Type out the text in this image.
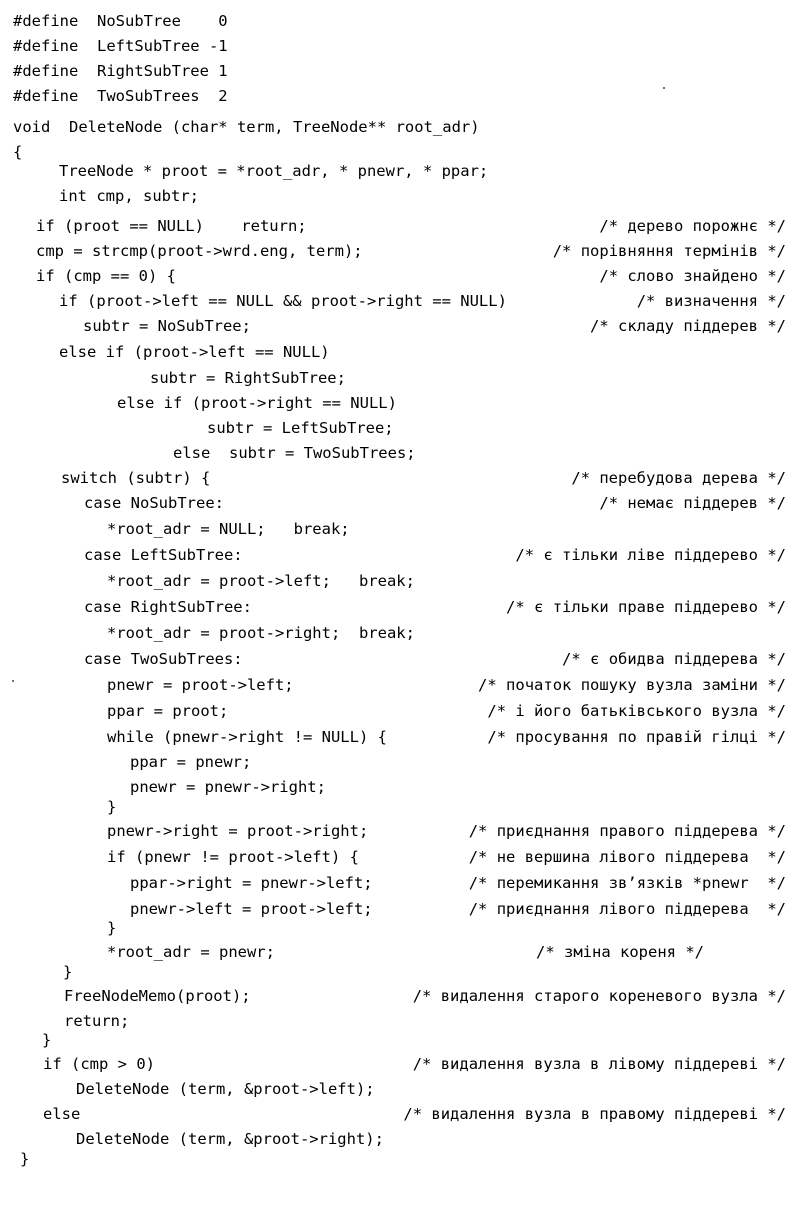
#define  NoSubTree    0

#define  LeftSubTree -1

#define  RightSubTree 1

#define  TwoSubTrees  2

void  DeleteNode (char* term, TreeNode** root_adr)

{

TreeNode * proot = *root_adr, * pnewr, * ppar;

int cmp, subtr;

if (proot == NULL)    return;

	/* дерево порожнє */

cmp = strcmp(proot->wrd.eng, term);

	/* порівняння термінів */

if (cmp == 0) {

	/* слово знайдено */

if (proot->left == NULL && proot->right == NULL)

	/* визначення */

subtr = NoSubTree;

	/* складу піддерев */

else if (proot->left == NULL)

subtr = RightSubTree;

else if (proot->right == NULL)

subtr = LeftSubTree;

else  subtr = TwoSubTrees;

switch (subtr) {

	/* перебудова дерева */

case NoSubTree:

	/* немає піддерев */

*root_adr = NULL;   break;

case LeftSubTree:

	/* є тільки ліве піддерево */

*root_adr = proot->left;   break;

case RightSubTree:

	/* є тільки праве піддерево */

*root_adr = proot->right;  break;

case TwoSubTrees:

	/* є обидва піддерева */

pnewr = proot->left;

	/* початок пошуку вузла заміни */

ppar = proot;

	/* і його батьківського вузла */

while (pnewr->right != NULL) {

	/* просування по правій гілці */

ppar = pnewr;

pnewr = pnewr->right;

}

pnewr->right = proot->right;

	/* приєднання правого піддерева */

if (pnewr != proot->left) {

	/* не вершина лівого піддерева  */

ppar->right = pnewr->left;

	/* перемикання зв’язків *pnewr  */

pnewr->left = proot->left;

	/* приєднання лівого піддерева  */

}

*root_adr = pnewr;

	/* зміна кореня */

}

FreeNodeMemo(proot);

	/* видалення старого кореневого вузла */

return;

}

if (cmp > 0)

	/* видалення вузла в лівому піддереві */

DeleteNode (term, &proot->left);

else

	/* видалення вузла в правому піддереві */

DeleteNode (term, &proot->right);

}
